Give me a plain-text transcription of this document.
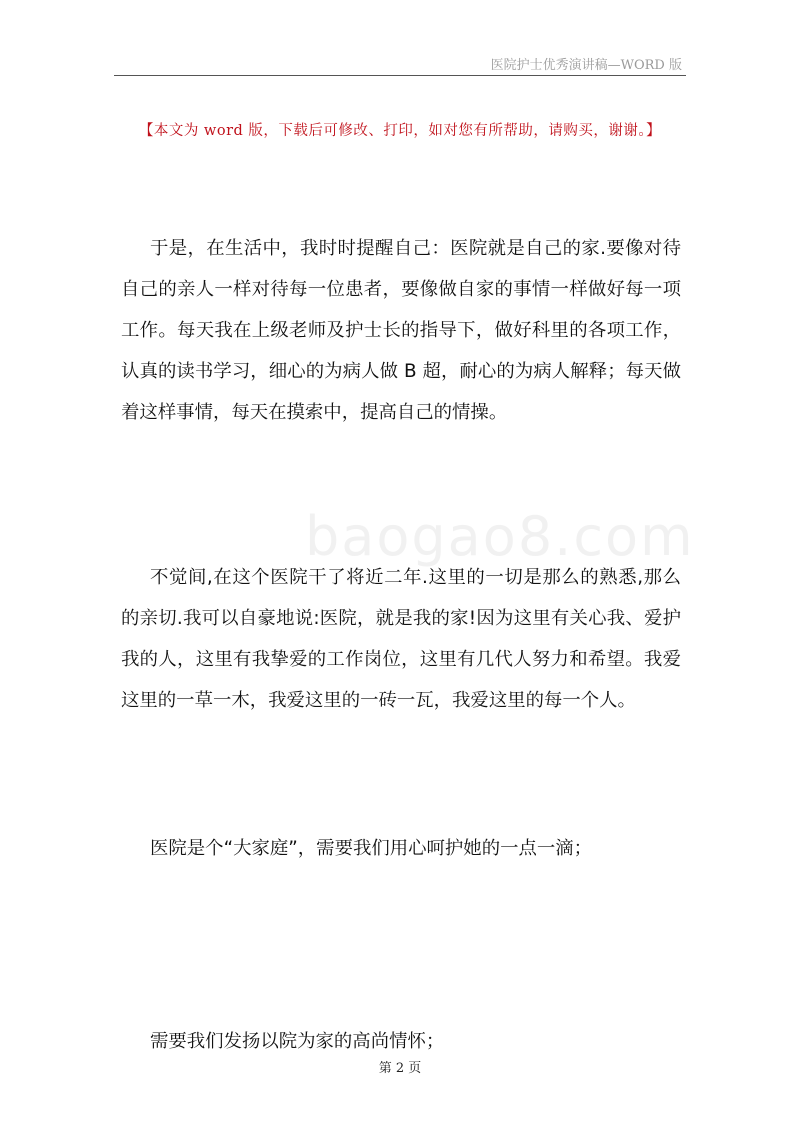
医院护士优秀演讲稿—WORD 版
【本文为 word 版，下载后可修改、打印，如对您有所帮助，请购买，谢谢。】
baogao8.com

于是，在生活中，我时时提醒自己：医院就是自己的家.要像对待自己的亲人一样对待每一位患者，要像做自家的事情一样做好每一项工作。每天我在上级老师及护士长的指导下，做好科里的各项工作，认真的读书学习，细心的为病人做 B 超，耐心的为病人解释；每天做着这样事情，每天在摸索中，提高自己的情操。

不觉间,在这个医院干了将近二年.这里的一切是那么的熟悉,那么的亲切.我可以自豪地说:医院，就是我的家!因为这里有关心我、爱护我的人，这里有我挚爱的工作岗位，这里有几代人努力和希望。我爱这里的一草一木，我爱这里的一砖一瓦，我爱这里的每一个人。

医院是个“大家庭”，需要我们用心呵护她的一点一滴；

需要我们发扬以院为家的高尚情怀；

第 2 页
